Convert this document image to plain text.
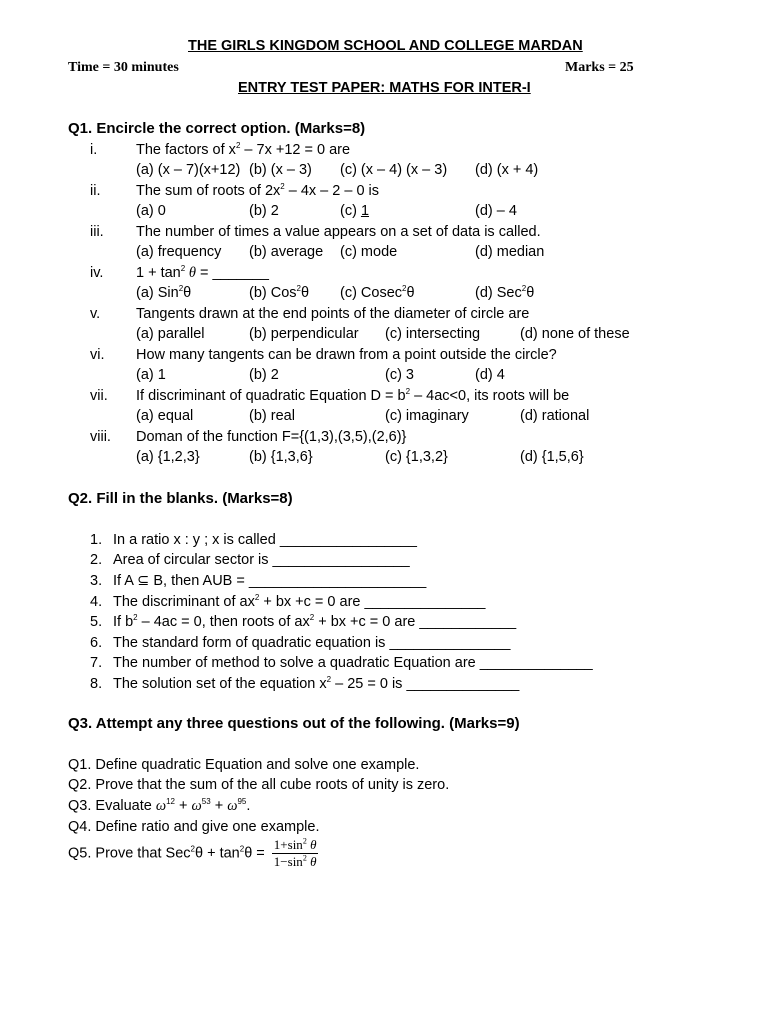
THE GIRLS KINGDOM SCHOOL AND COLLEGE MARDAN
Time = 30 minutes	Marks = 25
ENTRY TEST PAPER: MATHS FOR INTER-I
Q1. Encircle the correct option. (Marks=8)
i.	The factors of $x^2 - 7x +12 = 0$ are
(a) (x – 7)(x+12) (b) (x – 3) (c) (x – 4) (x – 3) (d) (x + 4)
ii. The sum of roots of $2x^2 - 4x - 2 - 0$ is
(a) 0	(b) 2	(c) 1	(d) – 4
iii. The number of times a value appears on a set of data is called.
(a) frequency (b) average (c) mode	(d) median
iv. $1 + \tan^2 \theta$ = _______
(a) Sin$^2$θ	(b) Cos$^2$θ (c) Cosec$^2$θ	(d) Sec$^2$θ
v. Tangents drawn at the end points of the diameter of circle are
(a) parallel	(b) perpendicular (c) intersecting	(d) none of these
vi. How many tangents can be drawn from a point outside the circle?
(a) 1	(b) 2	(c) 3	(d) 4
vii. If discriminant of quadratic Equation $D = b^2 - 4ac<0$, its roots will be
(a) equal	(b) real	(c) imaginary	(d) rational
viii. Doman of the function F={(1,3),(3,5),(2,6)}
(a) {1,2,3}	(b) {1,3,6}	(c) {1,3,2}	(d) {1,5,6}
Q2. Fill in the blanks. (Marks=8)
1. In a ratio x : y ; x is called _________________
2. Area of circular sector is _________________
3. If A ⊆ B, then AUB = ______________________
4. The discriminant of $ax^2$ + bx +c = 0 are _______________
5. If $b^2 - 4ac = 0$, then roots of $ax^2$ + bx +c = 0 are ____________
6. The standard form of quadratic equation is _______________
7. The number of method to solve a quadratic Equation are ______________
8. The solution set of the equation $x^2 - 25 = 0$ is ______________
Q3. Attempt any three questions out of the following. (Marks=9)
Q1. Define quadratic Equation and solve one example.
Q2. Prove that the sum of the all cube roots of unity is zero.
Q3. Evaluate $\omega^{12} + \omega^{53} + \omega^{95}$.
Q4. Define ratio and give one example.
Q5. Prove that $Sec^2\theta + \tan^2\theta = \frac{1+\sin^2 \theta}{1-\sin^2 \theta}$
